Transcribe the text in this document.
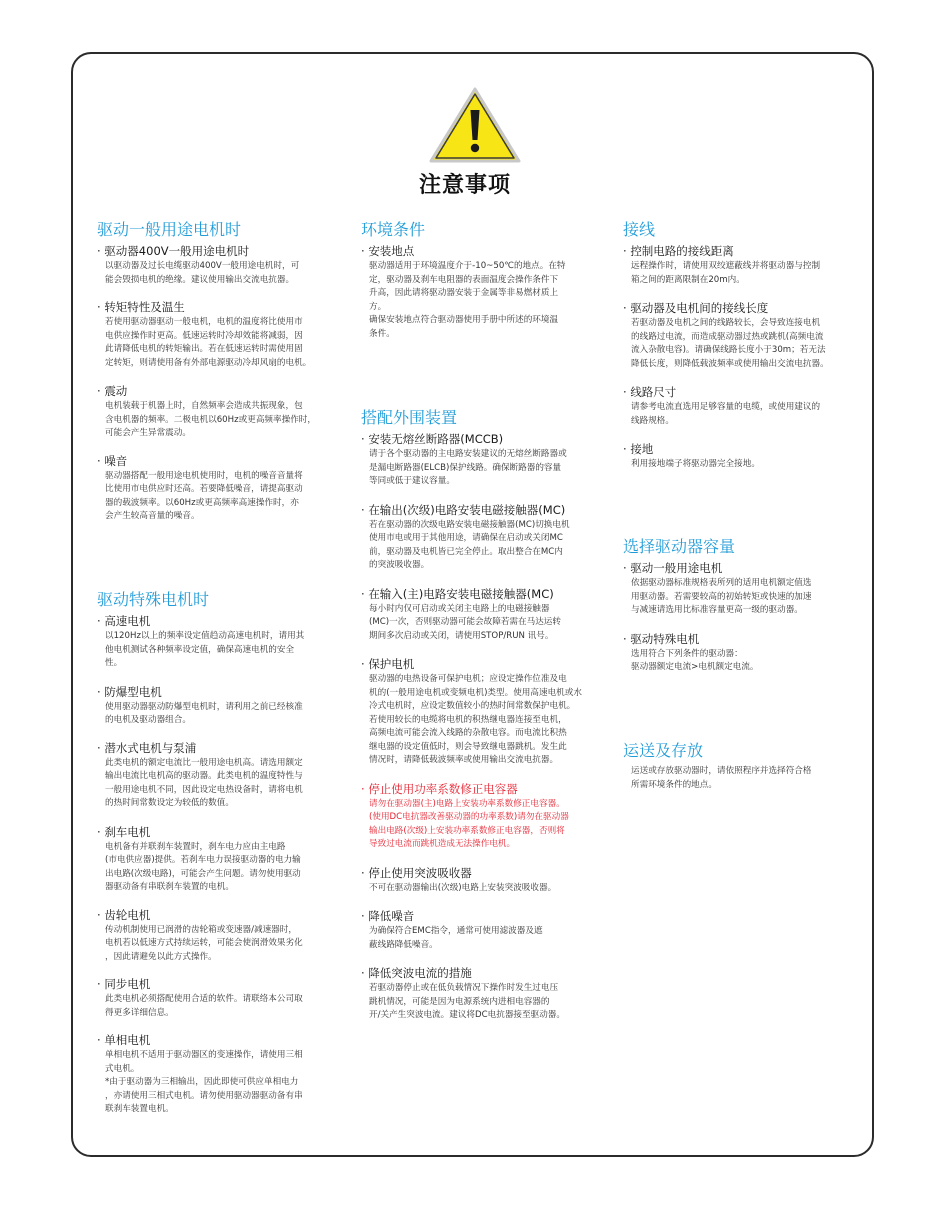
注意事项
驱动一般用途电机时
· 驱动器400V一般用途电机时
以驱动器及过长电缆驱动400V一般用途电机时，可
能会毁损电机的绝缘。建议使用输出交流电抗器。
· 转矩特性及温生
若使用驱动器驱动一般电机，电机的温度将比使用市
电供应操作时更高。低速运转时冷却效能将减弱，因
此请降低电机的转矩输出。若在低速运转时需使用固
定转矩，则请使用备有外部电源驱动冷却风扇的电机。
· 震动
电机装载于机器上时，自然频率会造成共振现象，包
含电机器的频率。二极电机以60Hz或更高频率操作时，
可能会产生异常震动。
· 噪音
驱动器搭配一般用途电机使用时，电机的噪音音量将
比使用市电供应时还高。若要降低噪音，请提高驱动
器的载波频率。以60Hz或更高频率高速操作时，亦
会产生较高音量的噪音。
驱动特殊电机时
· 高速电机
以120Hz以上的频率设定值趋动高速电机时，请用其
他电机测试各种频率设定值，确保高速电机的安全
性。
· 防爆型电机
使用驱动器驱动防爆型电机时，请利用之前已经核准
的电机及驱动器组合。
· 潜水式电机与泵浦
此类电机的额定电流比一般用途电机高。请选用额定
输出电流比电机高的驱动器。此类电机的温度特性与
一般用途电机不同，因此设定电热设备时，请将电机
的热时间常数设定为较低的数值。
· 刹车电机
电机备有并联刹车装置时，刹车电力应由主电路
(市电供应器)提供。若刹车电力误接驱动器的电力输
出电路(次级电路)，可能会产生问题。请勿使用驱动
器驱动备有串联刹车装置的电机。
· 齿轮电机
传动机制使用已润滑的齿轮箱或变速器/减速器时，
电机若以低速方式持续运转，可能会使润滑效果劣化
，因此请避免以此方式操作。
· 同步电机
此类电机必须搭配使用合适的软件。请联络本公司取
得更多详细信息。
· 单相电机
单相电机不适用于驱动器区的变速操作，请使用三相
式电机。
*由于驱动器为三相输出，因此即使可供应单相电力
，亦请使用三相式电机。请勿使用驱动器驱动备有串
联刹车装置电机。
环境条件
· 安装地点
驱动器适用于环境温度介于-10~50℃的地点。在特
定，驱动器及刹车电阻器的表面温度会操作条件下
升高，因此请将驱动器安装于金属等非易燃材质上
方。
确保安装地点符合驱动器使用手册中所述的环境温
条件。
搭配外围装置
· 安装无熔丝断路器(MCCB)
请于各个驱动器的主电路安装建议的无熔丝断路器或
是漏电断路器(ELCB)保护线路。确保断路器的容量
等同或低于建议容量。
· 在输出(次级)电路安装电磁接触器(MC)
若在驱动器的次级电路安装电磁接触器(MC)切换电机
使用市电或用于其他用途，请确保在启动或关闭MC
前，驱动器及电机皆已完全停止。取出整合在MC内
的突波吸收器。
· 在输入(主)电路安装电磁接触器(MC)
每小时内仅可启动或关闭主电路上的电磁接触器
(MC)一次，否则驱动器可能会故障若需在马达运转
期间多次启动或关闭，请使用STOP/RUN 讯号。
· 保护电机
驱动器的电热设备可保护电机；应设定操作位准及电
机的(一般用途电机或变频电机)类型。使用高速电机或水
冷式电机时，应设定数值较小的热时间常数保护电机。
若使用较长的电缆将电机的积热继电器连接至电机，
高频电流可能会流入线路的杂散电容。而电流比积热
继电器的设定值低时，则会导致继电器跳机。发生此
情况时，请降低载波频率或使用输出交流电抗器。
· 停止使用功率系数修正电容器
请勿在驱动器(主)电路上安装功率系数修正电容器。
(使用DC电抗器改善驱动器的功率系数)请勿在驱动器
输出电路(次级)上安装功率系数修正电容器，否则将
导致过电流而跳机造成无法操作电机。
· 停止使用突波吸收器
不可在驱动器输出(次级)电路上安装突波吸收器。
· 降低噪音
为确保符合EMC指令，通常可使用滤波器及遮
蔽线路降低噪音。
· 降低突波电流的措施
若驱动器停止或在低负载情况下操作时发生过电压
跳机情况，可能是因为电源系统内进相电容器的
开/关产生突波电流。建议将DC电抗器接至驱动器。
接线
· 控制电路的接线距离
远程操作时，请使用双绞遮蔽线并将驱动器与控制
箱之间的距离限制在20m内。
· 驱动器及电机间的接线长度
若驱动器及电机之间的线路较长，会导致连接电机
的线路过电流，而造成驱动器过热或跳机(高频电流
流入杂散电容)。请确保线路长度小于30m；若无法
降低长度，则降低载波频率或使用输出交流电抗器。
· 线路尺寸
请参考电流直选用足够容量的电缆，或使用建议的
线路规格。
· 接地
利用接地端子将驱动器完全接地。
选择驱动器容量
· 驱动一般用途电机
依据驱动器标准规格表所列的适用电机额定值选
用驱动器。若需要较高的初始转矩或快速的加速
与减速请选用比标准容量更高一级的驱动器。
· 驱动特殊电机
选用符合下列条件的驱动器：
驱动器额定电流>电机额定电流。
运送及存放
运送或存放驱动器时，请依照程序并选择符合格
所需环境条件的地点。
